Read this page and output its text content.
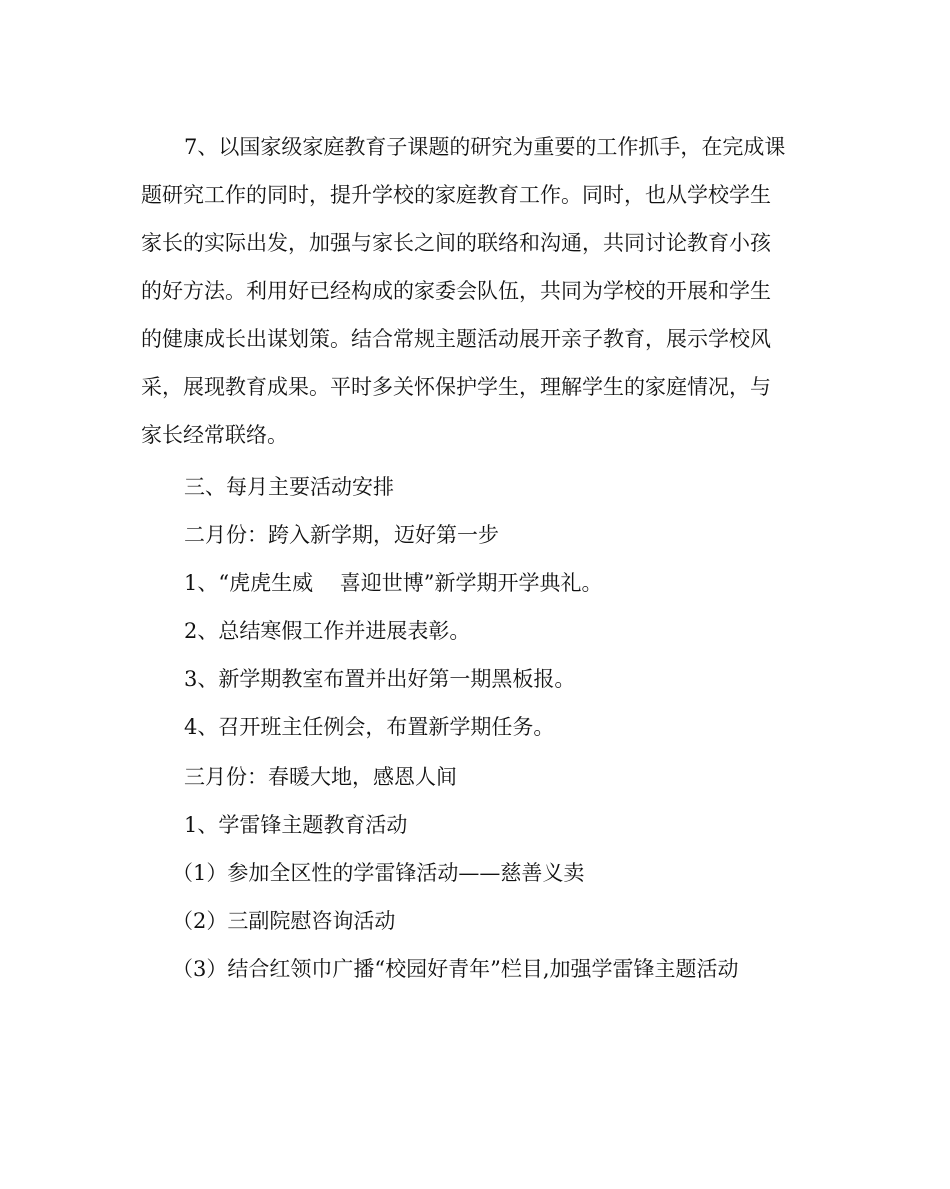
7、以国家级家庭教育子课题的研究为重要的工作抓手，在完成课
题研究工作的同时，提升学校的家庭教育工作。同时，也从学校学生
家长的实际出发，加强与家长之间的联络和沟通，共同讨论教育小孩
的好方法。利用好已经构成的家委会队伍，共同为学校的开展和学生
的健康成长出谋划策。结合常规主题活动展开亲子教育，展示学校风
采，展现教育成果。平时多关怀保护学生，理解学生的家庭情况，与
家长经常联络。
三、每月主要活动安排
二月份：跨入新学期，迈好第一步
1、“虎虎生威    喜迎世博”新学期开学典礼。
2、总结寒假工作并进展表彰。
3、新学期教室布置并出好第一期黑板报。
4、召开班主任例会，布置新学期任务。
三月份：春暖大地，感恩人间
1、学雷锋主题教育活动
（1）参加全区性的学雷锋活动——慈善义卖
（2）三副院慰咨询活动
（3）结合红领巾广播“校园好青年”栏目,加强学雷锋主题活动
